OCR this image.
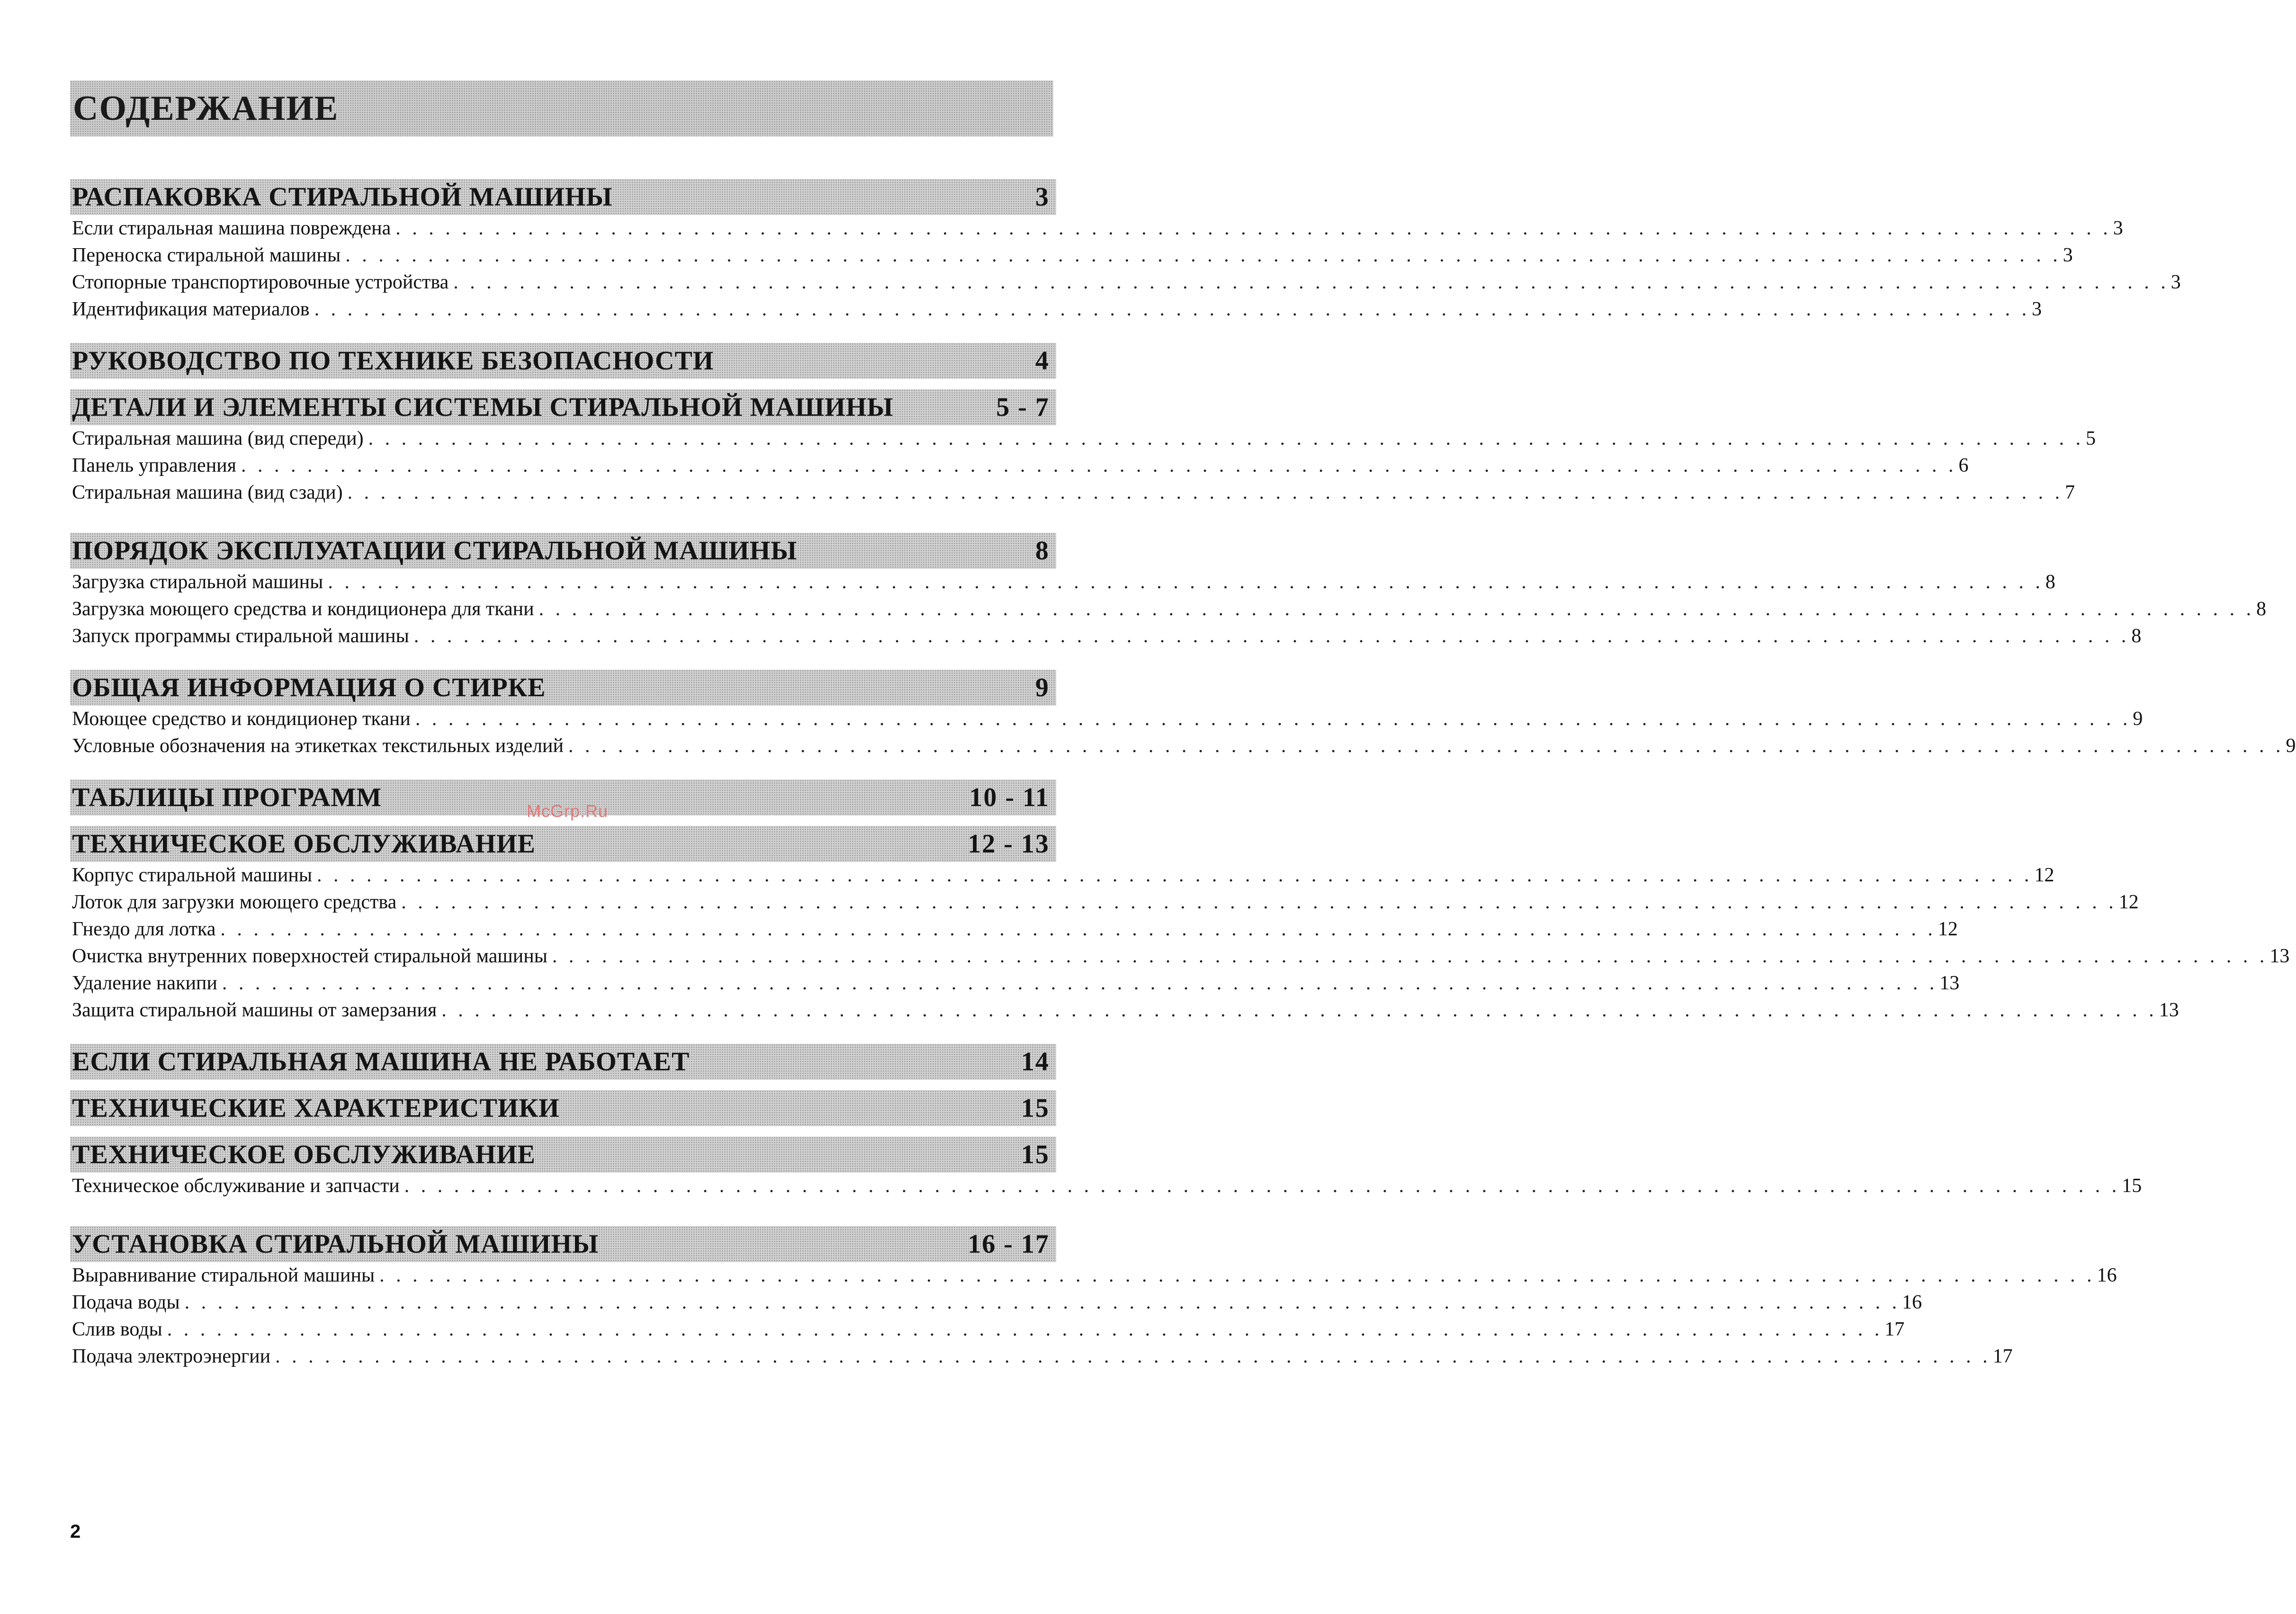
СОДЕРЖАНИЕ
РАСПАКОВКА СТИРАЛЬНОЙ МАШИНЫ	3
Если стиральная машина повреждена . . . . . . . . . . . . . . . . . . . . . . . . . . . . . . . . . . . . . . . . . . . . . . . . . . . . . . . . . . . . . . . . . . . . . . . . . . . . . . . . . . . . . . . . . . . . . . . . . . . . . . . . 3
Переноска стиральной машины . . . . . . . . . . . . . . . . . . . . . . . . . . . . . . . . . . . . . . . . . . . . . . . . . . . . . . . . . . . . . . . . . . . . . . . . . . . . . . . . . . . . . . . . . . . . . . . . . . . . . . . . 3
Стопорные транспортировочные устройства . . . . . . . . . . . . . . . . . . . . . . . . . . . . . . . . . . . . . . . . . . . . . . . . . . . . . . . . . . . . . . . . . . . . . . . . . . . . . . . . . . . . . . . . . . . . . . . . . . . . . . . . 3
Идентификация материалов . . . . . . . . . . . . . . . . . . . . . . . . . . . . . . . . . . . . . . . . . . . . . . . . . . . . . . . . . . . . . . . . . . . . . . . . . . . . . . . . . . . . . . . . . . . . . . . . . . . . . . . . 3
РУКОВОДСТВО ПО ТЕХНИКЕ БЕЗОПАСНОСТИ	4
ДЕТАЛИ И ЭЛЕМЕНТЫ СИСТЕМЫ СТИРАЛЬНОЙ МАШИНЫ	5 - 7
Стиральная машина (вид спереди) . . . . . . . . . . . . . . . . . . . . . . . . . . . . . . . . . . . . . . . . . . . . . . . . . . . . . . . . . . . . . . . . . . . . . . . . . . . . . . . . . . . . . . . . . . . . . . . . . . . . . . . . 5
Панель управления . . . . . . . . . . . . . . . . . . . . . . . . . . . . . . . . . . . . . . . . . . . . . . . . . . . . . . . . . . . . . . . . . . . . . . . . . . . . . . . . . . . . . . . . . . . . . . . . . . . . . . . . 6
Стиральная машина (вид сзади) . . . . . . . . . . . . . . . . . . . . . . . . . . . . . . . . . . . . . . . . . . . . . . . . . . . . . . . . . . . . . . . . . . . . . . . . . . . . . . . . . . . . . . . . . . . . . . . . . . . . . . . . 7
ПОРЯДОК ЭКСПЛУАТАЦИИ СТИРАЛЬНОЙ МАШИНЫ	8
Загрузка стиральной машины . . . . . . . . . . . . . . . . . . . . . . . . . . . . . . . . . . . . . . . . . . . . . . . . . . . . . . . . . . . . . . . . . . . . . . . . . . . . . . . . . . . . . . . . . . . . . . . . . . . . . . . . 8
Загрузка моющего средства и кондиционера для ткани . . . . . . . . . . . . . . . . . . . . . . . . . . . . . . . . . . . . . . . . . . . . . . . . . . . . . . . . . . . . . . . . . . . . . . . . . . . . . . . . . . . . . . . . . . . . . . . . . . . . . . . . 8
Запуск программы стиральной машины . . . . . . . . . . . . . . . . . . . . . . . . . . . . . . . . . . . . . . . . . . . . . . . . . . . . . . . . . . . . . . . . . . . . . . . . . . . . . . . . . . . . . . . . . . . . . . . . . . . . . . . . 8
ОБЩАЯ ИНФОРМАЦИЯ О СТИРКЕ	9
Моющее средство и кондиционер ткани . . . . . . . . . . . . . . . . . . . . . . . . . . . . . . . . . . . . . . . . . . . . . . . . . . . . . . . . . . . . . . . . . . . . . . . . . . . . . . . . . . . . . . . . . . . . . . . . . . . . . . . . 9
Условные обозначения на этикетках текстильных изделий . . . . . . . . . . . . . . . . . . . . . . . . . . . . . . . . . . . . . . . . . . . . . . . . . . . . . . . . . . . . . . . . . . . . . . . . . . . . . . . . . . . . . . . . . . . . . . . . . . . . . . . . 9
ТАБЛИЦЫ ПРОГРАММ	10 - 11
ТЕХНИЧЕСКОЕ ОБСЛУЖИВАНИЕ	12 - 13
Корпус стиральной машины . . . . . . . . . . . . . . . . . . . . . . . . . . . . . . . . . . . . . . . . . . . . . . . . . . . . . . . . . . . . . . . . . . . . . . . . . . . . . . . . . . . . . . . . . . . . . . . . . . . . . . . . 12
Лоток для загрузки моющего средства . . . . . . . . . . . . . . . . . . . . . . . . . . . . . . . . . . . . . . . . . . . . . . . . . . . . . . . . . . . . . . . . . . . . . . . . . . . . . . . . . . . . . . . . . . . . . . . . . . . . . . . . 12
Гнездо для лотка . . . . . . . . . . . . . . . . . . . . . . . . . . . . . . . . . . . . . . . . . . . . . . . . . . . . . . . . . . . . . . . . . . . . . . . . . . . . . . . . . . . . . . . . . . . . . . . . . . . . . . . . 12
Очистка внутренних поверхностей стиральной машины . . . . . . . . . . . . . . . . . . . . . . . . . . . . . . . . . . . . . . . . . . . . . . . . . . . . . . . . . . . . . . . . . . . . . . . . . . . . . . . . . . . . . . . . . . . . . . . . . . . . . . . . 13
Удаление накипи . . . . . . . . . . . . . . . . . . . . . . . . . . . . . . . . . . . . . . . . . . . . . . . . . . . . . . . . . . . . . . . . . . . . . . . . . . . . . . . . . . . . . . . . . . . . . . . . . . . . . . . . 13
Защита стиральной машины от замерзания . . . . . . . . . . . . . . . . . . . . . . . . . . . . . . . . . . . . . . . . . . . . . . . . . . . . . . . . . . . . . . . . . . . . . . . . . . . . . . . . . . . . . . . . . . . . . . . . . . . . . . . . 13
ЕСЛИ СТИРАЛЬНАЯ МАШИНА НЕ РАБОТАЕТ	14
ТЕХНИЧЕСКИЕ ХАРАКТЕРИСТИКИ	15
ТЕХНИЧЕСКОЕ ОБСЛУЖИВАНИЕ	15
Техническое обслуживание и запчасти . . . . . . . . . . . . . . . . . . . . . . . . . . . . . . . . . . . . . . . . . . . . . . . . . . . . . . . . . . . . . . . . . . . . . . . . . . . . . . . . . . . . . . . . . . . . . . . . . . . . . . . . 15
УСТАНОВКА СТИРАЛЬНОЙ МАШИНЫ	16 - 17
Выравнивание стиральной машины . . . . . . . . . . . . . . . . . . . . . . . . . . . . . . . . . . . . . . . . . . . . . . . . . . . . . . . . . . . . . . . . . . . . . . . . . . . . . . . . . . . . . . . . . . . . . . . . . . . . . . . . 16
Подача воды . . . . . . . . . . . . . . . . . . . . . . . . . . . . . . . . . . . . . . . . . . . . . . . . . . . . . . . . . . . . . . . . . . . . . . . . . . . . . . . . . . . . . . . . . . . . . . . . . . . . . . . . 16
Слив воды . . . . . . . . . . . . . . . . . . . . . . . . . . . . . . . . . . . . . . . . . . . . . . . . . . . . . . . . . . . . . . . . . . . . . . . . . . . . . . . . . . . . . . . . . . . . . . . . . . . . . . . . 17
Подача электроэнергии . . . . . . . . . . . . . . . . . . . . . . . . . . . . . . . . . . . . . . . . . . . . . . . . . . . . . . . . . . . . . . . . . . . . . . . . . . . . . . . . . . . . . . . . . . . . . . . . . . . . . . . . 17
McGrp.Ru
2
